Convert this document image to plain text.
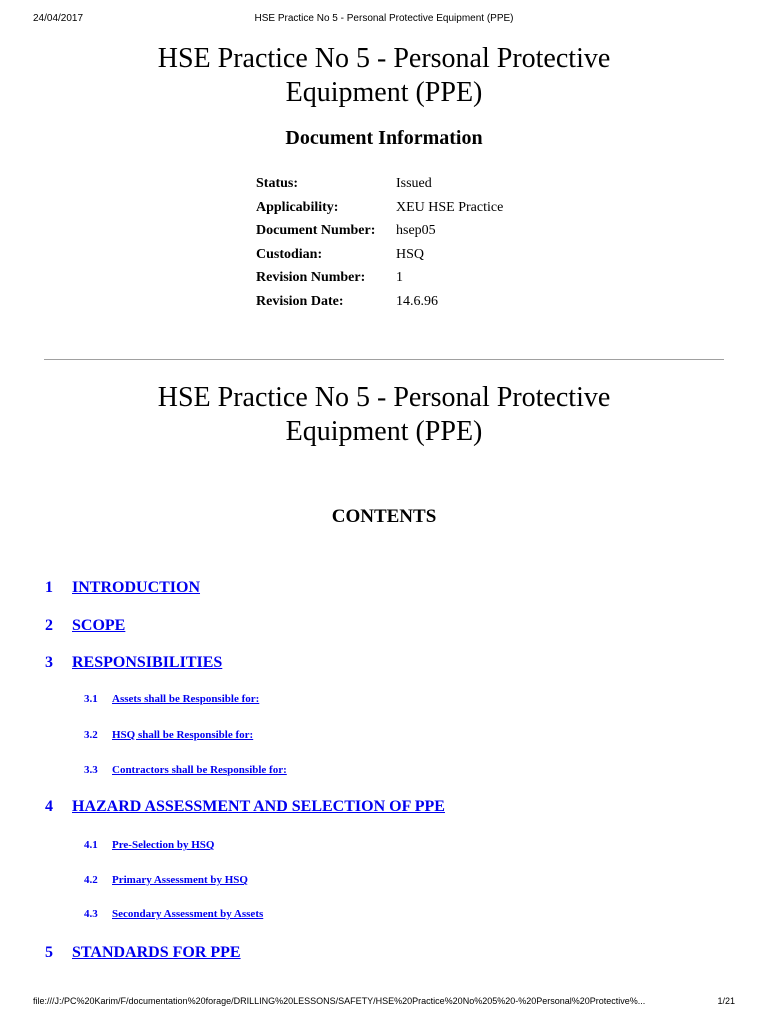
24/04/2017	HSE Practice No 5 - Personal Protective Equipment (PPE)
HSE Practice No 5 - Personal Protective
Equipment (PPE)
Document Information
Status:	Issued
Applicability:	XEU HSE Practice
Document Number: hsep05
Custodian:	HSQ
Revision Number: 1
Revision Date:	14.6.96
HSE Practice No 5 - Personal Protective
Equipment (PPE)
CONTENTS
1 INTRODUCTION
2 SCOPE
3 RESPONSIBILITIES
3.1 Assets shall be Responsible for:
3.2 HSQ shall be Responsible for:
3.3 Contractors shall be Responsible for:
4 HAZARD ASSESSMENT AND SELECTION OF PPE
4.1 Pre-Selection by HSQ
4.2 Primary Assessment by HSQ
4.3 Secondary Assessment by Assets
5 STANDARDS FOR PPE
file:///J:/PC%20Karim/F/documentation%20forage/DRILLING%20LESSONS/SAFETY/HSE%20Practice%20No%205%20-%20Personal%20Protective%...	1/21
